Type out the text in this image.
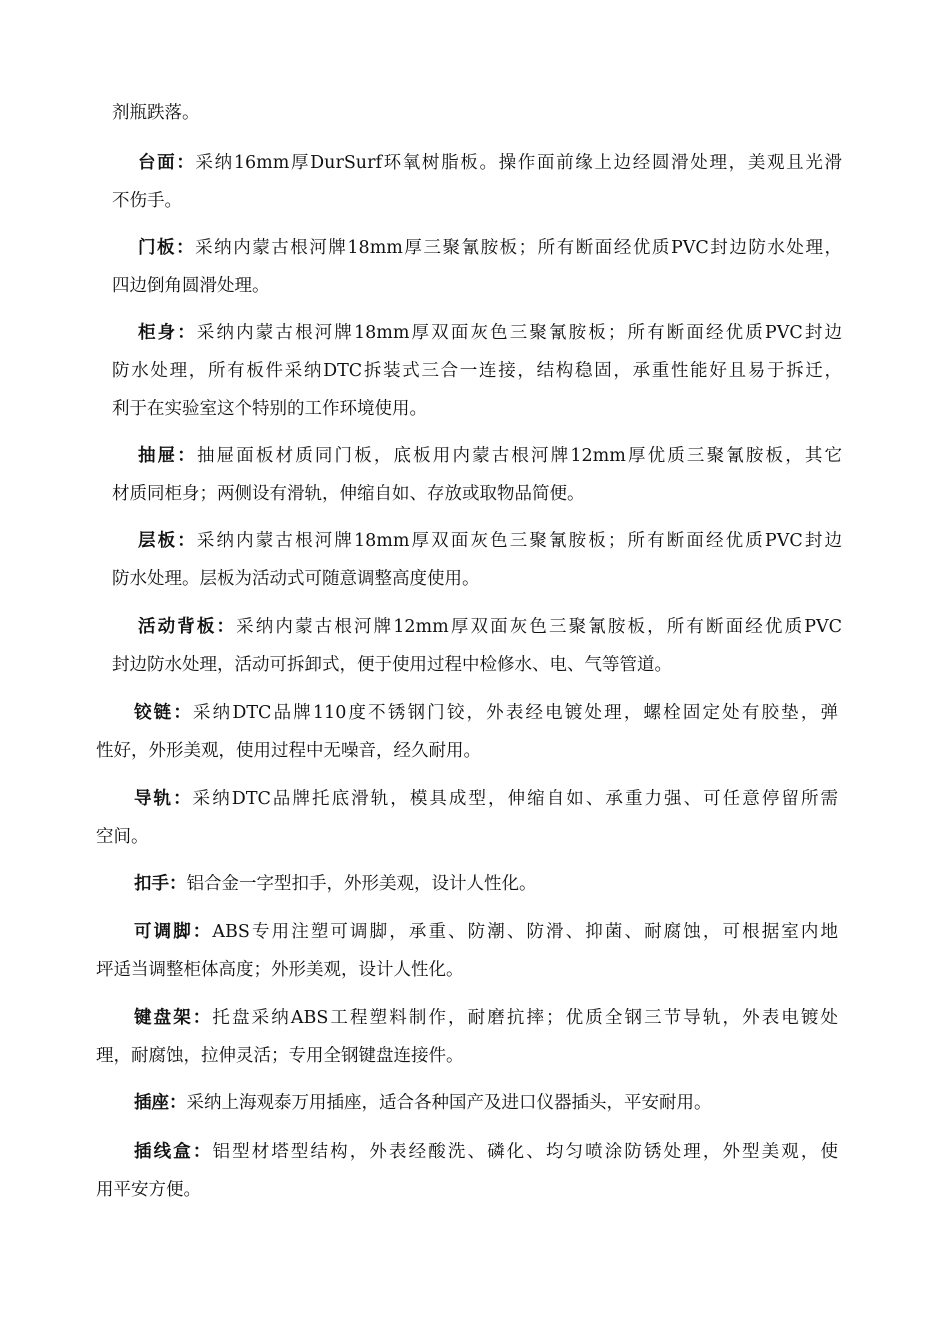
剂瓶跌落。
台面：采纳16mm厚DurSurf环氧树脂板。操作面前缘上边经圆滑处理，美观且光滑
不伤手。
门板：采纳内蒙古根河牌18mm厚三聚氰胺板；所有断面经优质PVC封边防水处理，
四边倒角圆滑处理。
柜身：采纳内蒙古根河牌18mm厚双面灰色三聚氰胺板；所有断面经优质PVC封边
防水处理，所有板件采纳DTC拆装式三合一连接，结构稳固，承重性能好且易于拆迁，
利于在实验室这个特别的工作环境使用。
抽屉：抽屉面板材质同门板，底板用内蒙古根河牌12mm厚优质三聚氰胺板，其它
材质同柜身；两侧设有滑轨，伸缩自如、存放或取物品简便。
层板：采纳内蒙古根河牌18mm厚双面灰色三聚氰胺板；所有断面经优质PVC封边
防水处理。层板为活动式可随意调整高度使用。
活动背板：采纳内蒙古根河牌12mm厚双面灰色三聚氰胺板，所有断面经优质PVC
封边防水处理，活动可拆卸式，便于使用过程中检修水、电、气等管道。
铰链：采纳DTC品牌110度不锈钢门铰，外表经电镀处理，螺栓固定处有胶垫，弹
性好，外形美观，使用过程中无噪音，经久耐用。
导轨：采纳DTC品牌托底滑轨，模具成型，伸缩自如、承重力强、可任意停留所需
空间。
扣手：铝合金一字型扣手，外形美观，设计人性化。
可调脚：ABS专用注塑可调脚，承重、防潮、防滑、抑菌、耐腐蚀，可根据室内地
坪适当调整柜体高度；外形美观，设计人性化。
键盘架：托盘采纳ABS工程塑料制作，耐磨抗摔；优质全钢三节导轨，外表电镀处
理，耐腐蚀，拉伸灵活；专用全钢键盘连接件。
插座：采纳上海观泰万用插座，适合各种国产及进口仪器插头，平安耐用。
插线盒：铝型材塔型结构，外表经酸洗、磷化、均匀喷涂防锈处理，外型美观，使
用平安方便。
